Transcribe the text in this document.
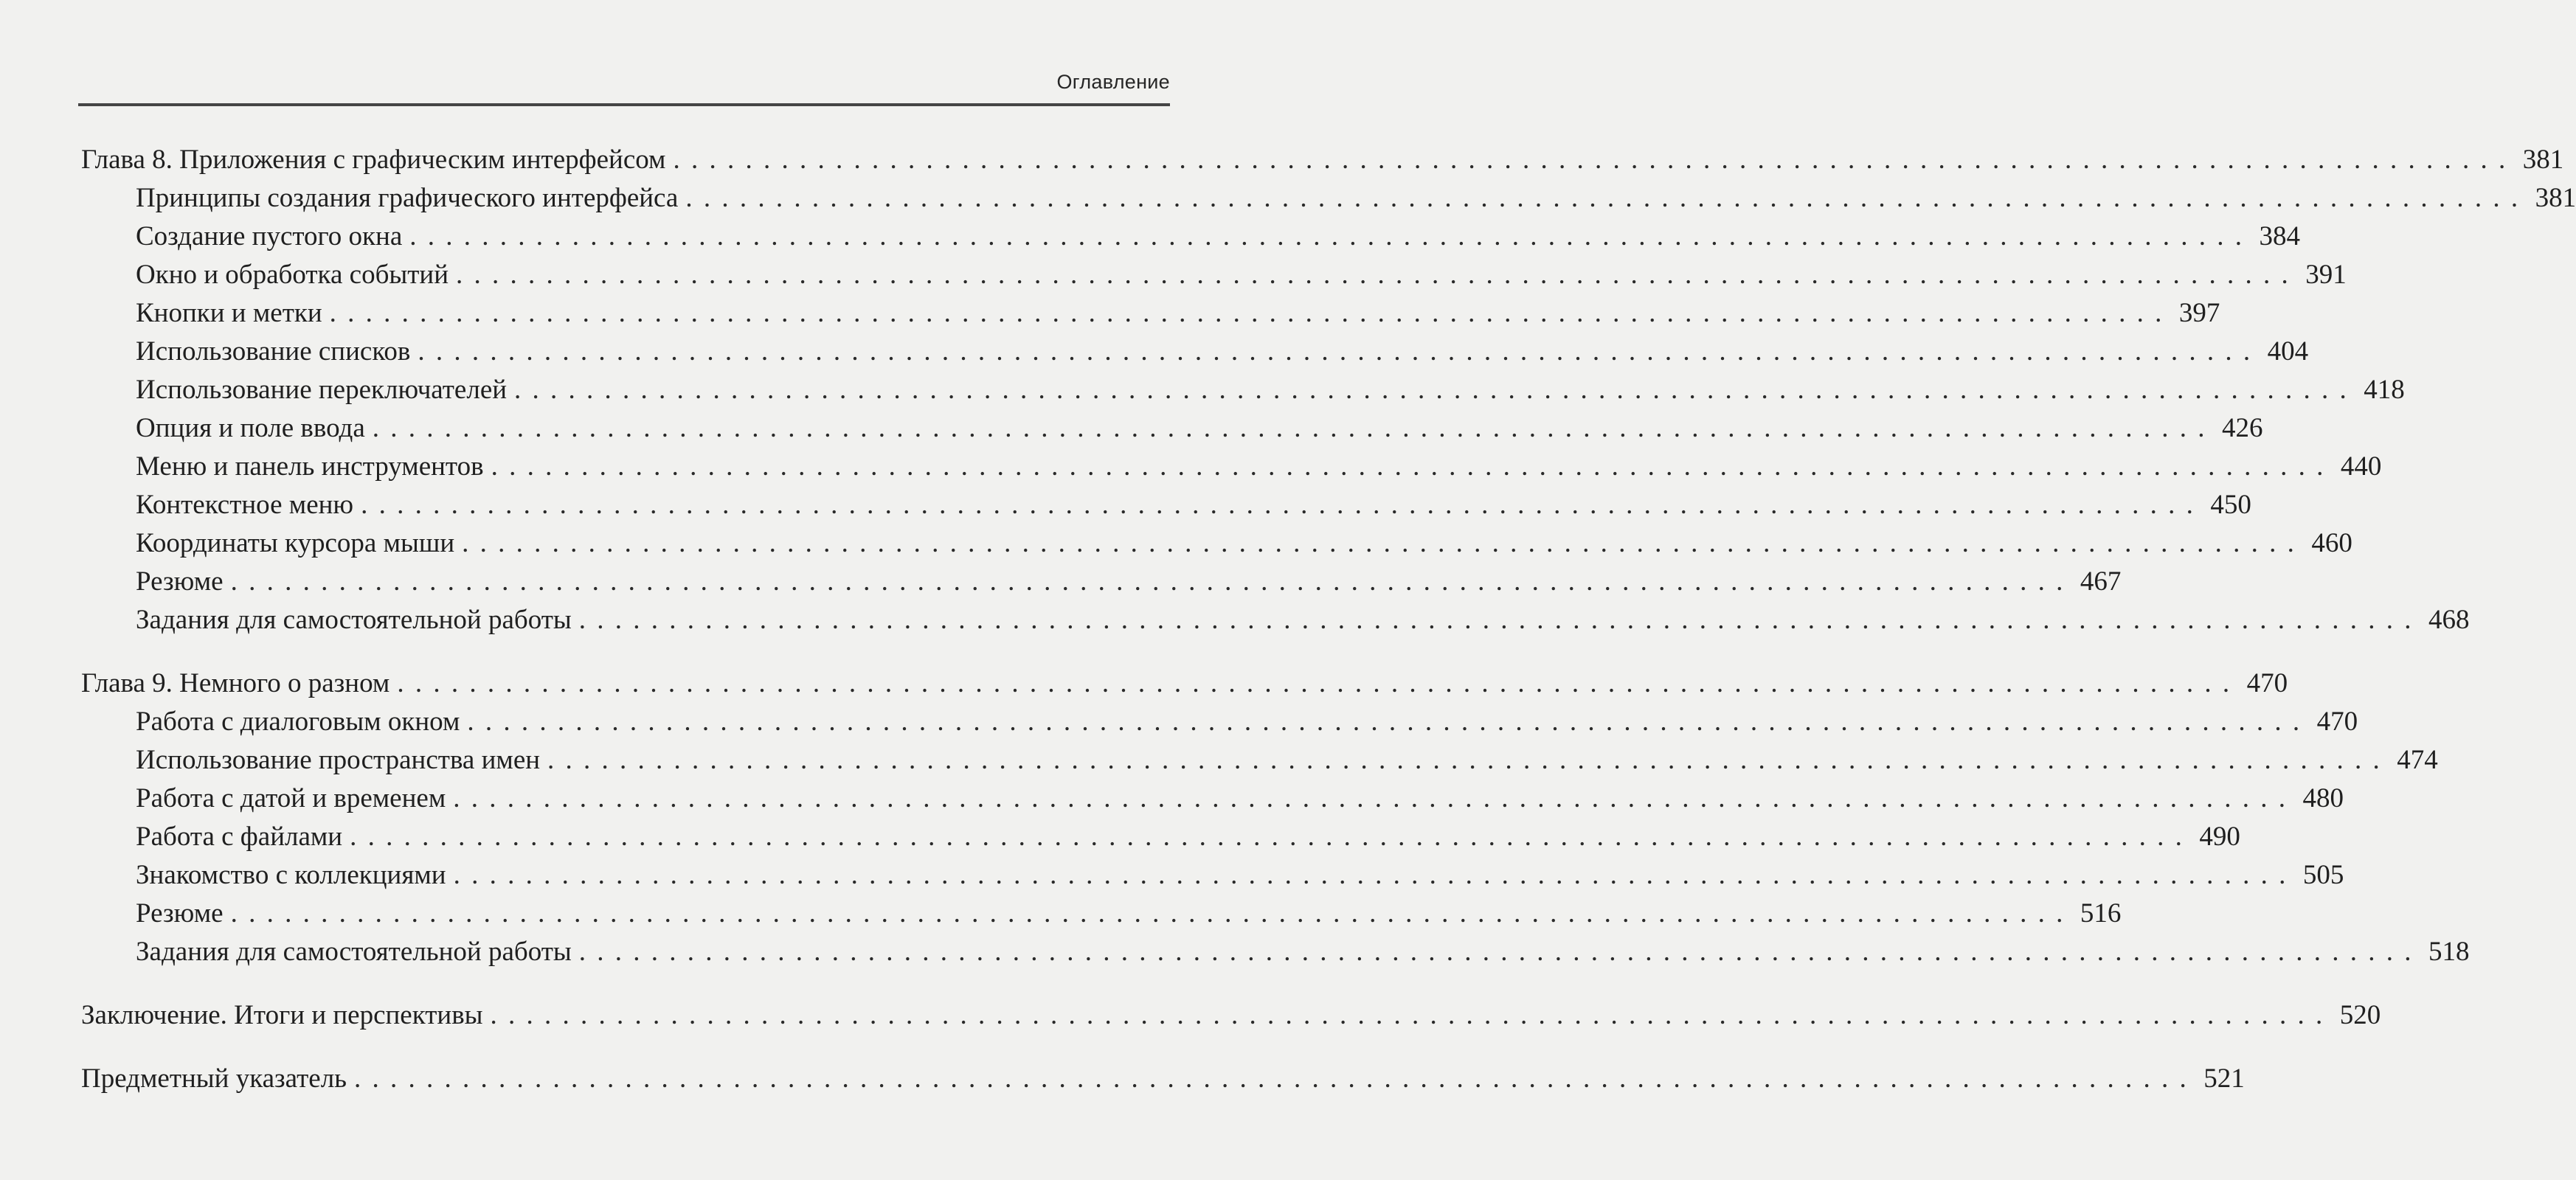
Оглавление
Глава 8. Приложения с графическим интерфейсом . . . . . . . . . . . . . . . . . . . . . . . . . . . . . . . . . . . . . . . . . . . . . . . . . . . . . . . . . . . . . . . . . . . . . . . . . . . . . . . . . . . . . . . . . . . . . . . . . . . . . . 381
Принципы создания графического интерфейса . . . . . . . . . . . . . . . . . . . . . . . . . . . . . . . . . . . . . . . . . . . . . . . . . . . . . . . . . . . . . . . . . . . . . . . . . . . . . . . . . . . . . . . . . . . . . . . . . . . . . . 381
Создание пустого окна . . . . . . . . . . . . . . . . . . . . . . . . . . . . . . . . . . . . . . . . . . . . . . . . . . . . . . . . . . . . . . . . . . . . . . . . . . . . . . . . . . . . . . . . . . . . . . . . . . . . . . 384
Окно и обработка событий . . . . . . . . . . . . . . . . . . . . . . . . . . . . . . . . . . . . . . . . . . . . . . . . . . . . . . . . . . . . . . . . . . . . . . . . . . . . . . . . . . . . . . . . . . . . . . . . . . . . . . 391
Кнопки и метки . . . . . . . . . . . . . . . . . . . . . . . . . . . . . . . . . . . . . . . . . . . . . . . . . . . . . . . . . . . . . . . . . . . . . . . . . . . . . . . . . . . . . . . . . . . . . . . . . . . . . . 397
Использование списков . . . . . . . . . . . . . . . . . . . . . . . . . . . . . . . . . . . . . . . . . . . . . . . . . . . . . . . . . . . . . . . . . . . . . . . . . . . . . . . . . . . . . . . . . . . . . . . . . . . . . . 404
Использование переключателей . . . . . . . . . . . . . . . . . . . . . . . . . . . . . . . . . . . . . . . . . . . . . . . . . . . . . . . . . . . . . . . . . . . . . . . . . . . . . . . . . . . . . . . . . . . . . . . . . . . . . . 418
Опция и поле ввода . . . . . . . . . . . . . . . . . . . . . . . . . . . . . . . . . . . . . . . . . . . . . . . . . . . . . . . . . . . . . . . . . . . . . . . . . . . . . . . . . . . . . . . . . . . . . . . . . . . . . . 426
Меню и панель инструментов . . . . . . . . . . . . . . . . . . . . . . . . . . . . . . . . . . . . . . . . . . . . . . . . . . . . . . . . . . . . . . . . . . . . . . . . . . . . . . . . . . . . . . . . . . . . . . . . . . . . . . 440
Контекстное меню . . . . . . . . . . . . . . . . . . . . . . . . . . . . . . . . . . . . . . . . . . . . . . . . . . . . . . . . . . . . . . . . . . . . . . . . . . . . . . . . . . . . . . . . . . . . . . . . . . . . . . 450
Координаты курсора мыши . . . . . . . . . . . . . . . . . . . . . . . . . . . . . . . . . . . . . . . . . . . . . . . . . . . . . . . . . . . . . . . . . . . . . . . . . . . . . . . . . . . . . . . . . . . . . . . . . . . . . . 460
Резюме . . . . . . . . . . . . . . . . . . . . . . . . . . . . . . . . . . . . . . . . . . . . . . . . . . . . . . . . . . . . . . . . . . . . . . . . . . . . . . . . . . . . . . . . . . . . . . . . . . . . . . 467
Задания для самостоятельной работы . . . . . . . . . . . . . . . . . . . . . . . . . . . . . . . . . . . . . . . . . . . . . . . . . . . . . . . . . . . . . . . . . . . . . . . . . . . . . . . . . . . . . . . . . . . . . . . . . . . . . . 468
Глава 9. Немного о разном . . . . . . . . . . . . . . . . . . . . . . . . . . . . . . . . . . . . . . . . . . . . . . . . . . . . . . . . . . . . . . . . . . . . . . . . . . . . . . . . . . . . . . . . . . . . . . . . . . . . . . 470
Работа с диалоговым окном . . . . . . . . . . . . . . . . . . . . . . . . . . . . . . . . . . . . . . . . . . . . . . . . . . . . . . . . . . . . . . . . . . . . . . . . . . . . . . . . . . . . . . . . . . . . . . . . . . . . . . 470
Использование пространства имен . . . . . . . . . . . . . . . . . . . . . . . . . . . . . . . . . . . . . . . . . . . . . . . . . . . . . . . . . . . . . . . . . . . . . . . . . . . . . . . . . . . . . . . . . . . . . . . . . . . . . . 474
Работа с датой и временем . . . . . . . . . . . . . . . . . . . . . . . . . . . . . . . . . . . . . . . . . . . . . . . . . . . . . . . . . . . . . . . . . . . . . . . . . . . . . . . . . . . . . . . . . . . . . . . . . . . . . . 480
Работа с файлами . . . . . . . . . . . . . . . . . . . . . . . . . . . . . . . . . . . . . . . . . . . . . . . . . . . . . . . . . . . . . . . . . . . . . . . . . . . . . . . . . . . . . . . . . . . . . . . . . . . . . . 490
Знакомство с коллекциями . . . . . . . . . . . . . . . . . . . . . . . . . . . . . . . . . . . . . . . . . . . . . . . . . . . . . . . . . . . . . . . . . . . . . . . . . . . . . . . . . . . . . . . . . . . . . . . . . . . . . . 505
Резюме . . . . . . . . . . . . . . . . . . . . . . . . . . . . . . . . . . . . . . . . . . . . . . . . . . . . . . . . . . . . . . . . . . . . . . . . . . . . . . . . . . . . . . . . . . . . . . . . . . . . . . 516
Задания для самостоятельной работы . . . . . . . . . . . . . . . . . . . . . . . . . . . . . . . . . . . . . . . . . . . . . . . . . . . . . . . . . . . . . . . . . . . . . . . . . . . . . . . . . . . . . . . . . . . . . . . . . . . . . . 518
Заключение. Итоги и перспективы . . . . . . . . . . . . . . . . . . . . . . . . . . . . . . . . . . . . . . . . . . . . . . . . . . . . . . . . . . . . . . . . . . . . . . . . . . . . . . . . . . . . . . . . . . . . . . . . . . . . . . 520
Предметный указатель . . . . . . . . . . . . . . . . . . . . . . . . . . . . . . . . . . . . . . . . . . . . . . . . . . . . . . . . . . . . . . . . . . . . . . . . . . . . . . . . . . . . . . . . . . . . . . . . . . . . . . 521
